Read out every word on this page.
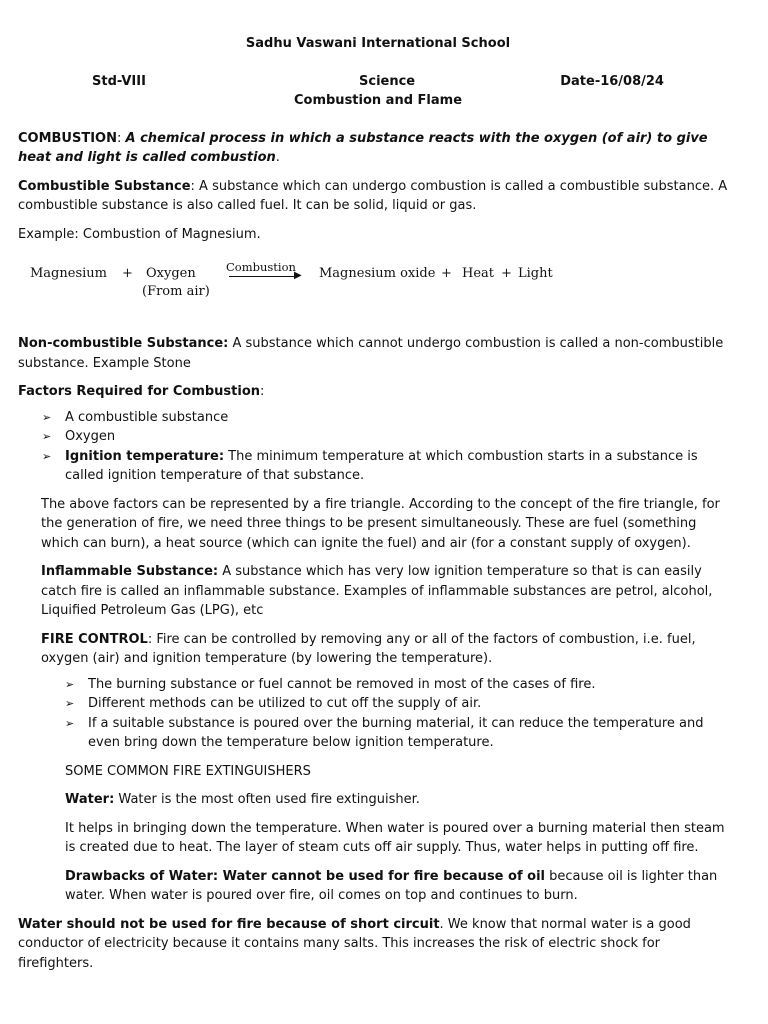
Sadhu Vaswani International School
Std-VIII	Science	Date-16/08/24
Combustion and Flame

COMBUSTION: A chemical process in which a substance reacts with the oxygen (of air) to give heat and light is called combustion.

Combustible Substance: A substance which can undergo combustion is called a combustible substance. A combustible substance is also called fuel. It can be solid, liquid or gas.

Example: Combustion of Magnesium.

Magnesium + Oxygen
(From air)
Combustion
▶ Magnesium oxide + Heat + Light

Non-combustible Substance: A substance which cannot undergo combustion is called a non-combustible substance. Example Stone

Factors Required for Combustion:

➢ A combustible substance
➢ Oxygen
➢ Ignition temperature: The minimum temperature at which combustion starts in a substance is called ignition temperature of that substance.

The above factors can be represented by a fire triangle. According to the concept of the fire triangle, for the generation of fire, we need three things to be present simultaneously. These are fuel (something which can burn), a heat source (which can ignite the fuel) and air (for a constant supply of oxygen).

Inflammable Substance: A substance which has very low ignition temperature so that is can easily catch fire is called an inflammable substance. Examples of inflammable substances are petrol, alcohol, Liquified Petroleum Gas (LPG), etc

FIRE CONTROL: Fire can be controlled by removing any or all of the factors of combustion, i.e. fuel, oxygen (air) and ignition temperature (by lowering the temperature).

➢ The burning substance or fuel cannot be removed in most of the cases of fire.
➢ Different methods can be utilized to cut off the supply of air.
➢ If a suitable substance is poured over the burning material, it can reduce the temperature and even bring down the temperature below ignition temperature.

SOME COMMON FIRE EXTINGUISHERS

Water: Water is the most often used fire extinguisher.

It helps in bringing down the temperature. When water is poured over a burning material then steam is created due to heat. The layer of steam cuts off air supply. Thus, water helps in putting off fire.

Drawbacks of Water: Water cannot be used for fire because of oil because oil is lighter than water. When water is poured over fire, oil comes on top and continues to burn.

Water should not be used for fire because of short circuit. We know that normal water is a good conductor of electricity because it contains many salts. This increases the risk of electric shock for firefighters.
